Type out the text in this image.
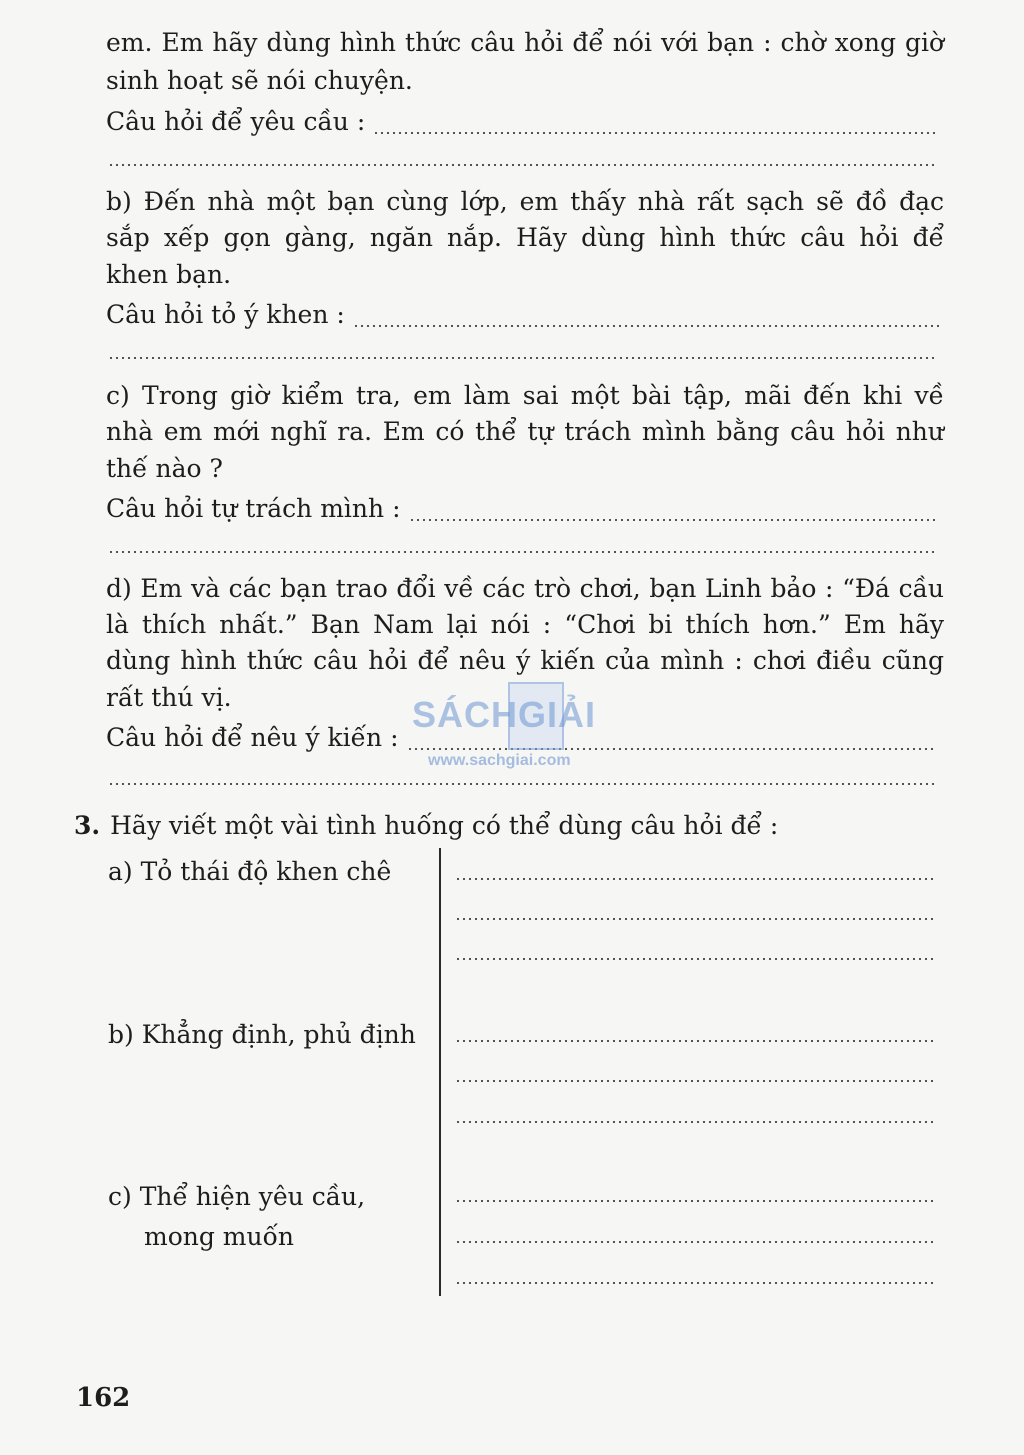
em. Em hãy dùng hình thức câu hỏi để nói với bạn : chờ xong giờ
sinh hoạt sẽ nói chuyện.
Câu hỏi để yêu cầu :
b) Đến nhà một bạn cùng lớp, em thấy nhà rất sạch sẽ đồ đạc
sắp xếp gọn gàng, ngăn nắp. Hãy dùng hình thức câu hỏi để
khen bạn.
Câu hỏi tỏ ý khen :
c) Trong giờ kiểm tra, em làm sai một bài tập, mãi đến khi về
nhà em mới nghĩ ra. Em có thể tự trách mình bằng câu hỏi như
thế nào ?
Câu hỏi tự trách mình :
d) Em và các bạn trao đổi về các trò chơi, bạn Linh bảo : “Đá cầu
là thích nhất.” Bạn Nam lại nói : “Chơi bi thích hơn.” Em hãy
dùng hình thức câu hỏi để nêu ý kiến của mình : chơi điều cũng
rất thú vị.
Câu hỏi để nêu ý kiến :
SÁCHGIẢI
www.sachgiai.com
3. Hãy viết một vài tình huống có thể dùng câu hỏi để :
a) Tỏ thái độ khen chê
b) Khẳng định, phủ định
c) Thể hiện yêu cầu,
mong muốn
162
